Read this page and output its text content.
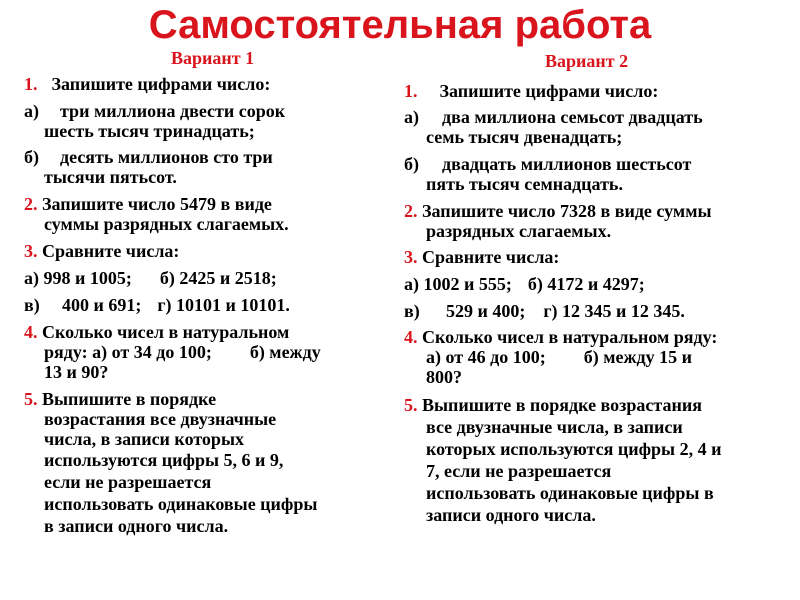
Самостоятельная работа
Вариант 1

1. Запишите цифрами число:

а) три миллиона двести сорок

шесть тысяч тринадцать;

б) десять миллионов сто три

тысячи пятьсот.

2. Запишите число 5479 в виде

суммы разрядных слагаемых.

3. Сравните числа:

а) 998 и 1005; б) 2425 и 2518;

в) 400 и 691; г) 10101 и 10101.

4. Сколько чисел в натуральном

ряду: а) от 34 до 100; б) между

13 и 90?

5. Выпишите в порядке

возрастания все двузначные

числа, в записи которых

используются цифры 5, 6 и 9,

если не разрешается

использовать одинаковые цифры

в записи одного числа.

Вариант 2

1. Запишите цифрами число:

а) два миллиона семьсот двадцать

семь тысяч двенадцать;

б) двадцать миллионов шестьсот

пять тысяч семнадцать.

2. Запишите число 7328 в виде суммы

разрядных слагаемых.

3. Сравните числа:

а) 1002 и 555; б) 4172 и 4297;

в) 529 и 400; г) 12 345 и 12 345.

4. Сколько чисел в натуральном ряду:

а) от 46 до 100; б) между 15 и

800?

5. Выпишите в порядке возрастания

все двузначные числа, в записи

которых используются цифры 2, 4 и

7, если не разрешается

использовать одинаковые цифры в

записи одного числа.
